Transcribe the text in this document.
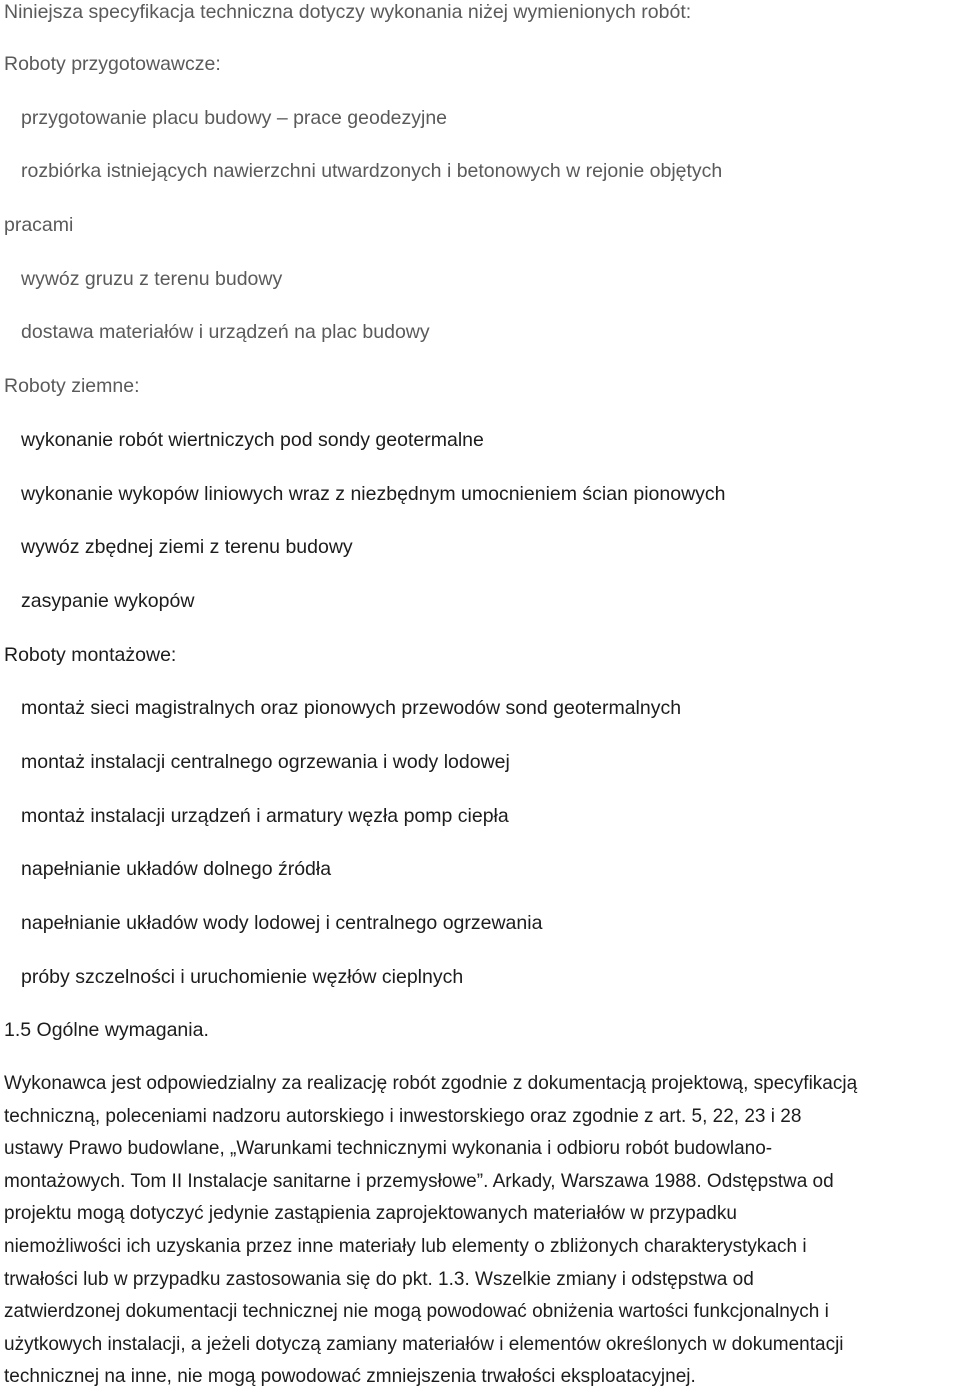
Niniejsza specyfikacja techniczna dotyczy wykonania niżej wymienionych robót:
Roboty przygotowawcze:
przygotowanie placu budowy – prace geodezyjne
rozbiórka istniejących nawierzchni utwardzonych i betonowych w rejonie objętych
pracami
wywóz gruzu z terenu budowy
dostawa materiałów i urządzeń na plac budowy
Roboty ziemne:
wykonanie robót wiertniczych pod sondy geotermalne
wykonanie wykopów liniowych wraz z niezbędnym umocnieniem ścian pionowych
wywóz zbędnej ziemi z terenu budowy
zasypanie wykopów
Roboty montażowe:
montaż sieci magistralnych oraz pionowych przewodów sond geotermalnych
montaż instalacji centralnego ogrzewania i wody lodowej
montaż instalacji urządzeń i armatury węzła pomp ciepła
napełnianie układów dolnego źródła
napełnianie układów wody lodowej i centralnego ogrzewania
próby szczelności i uruchomienie węzłów cieplnych
1.5 Ogólne wymagania.
Wykonawca jest odpowiedzialny za realizację robót zgodnie z dokumentacją projektową, specyfikacją
techniczną, poleceniami nadzoru autorskiego i inwestorskiego oraz zgodnie z art. 5, 22, 23 i 28
ustawy Prawo budowlane, „Warunkami technicznymi wykonania i odbioru robót budowlano-
montażowych. Tom II Instalacje sanitarne i przemysłowe”. Arkady, Warszawa 1988. Odstępstwa od
projektu mogą dotyczyć jedynie zastąpienia zaprojektowanych materiałów w przypadku
niemożliwości ich uzyskania przez inne materiały lub elementy o zbliżonych charakterystykach i
trwałości lub w przypadku zastosowania się do pkt. 1.3. Wszelkie zmiany i odstępstwa od
zatwierdzonej dokumentacji technicznej nie mogą powodować obniżenia wartości funkcjonalnych i
użytkowych instalacji, a jeżeli dotyczą zamiany materiałów i elementów określonych w dokumentacji
technicznej na inne, nie mogą powodować zmniejszenia trwałości eksploatacyjnej.
